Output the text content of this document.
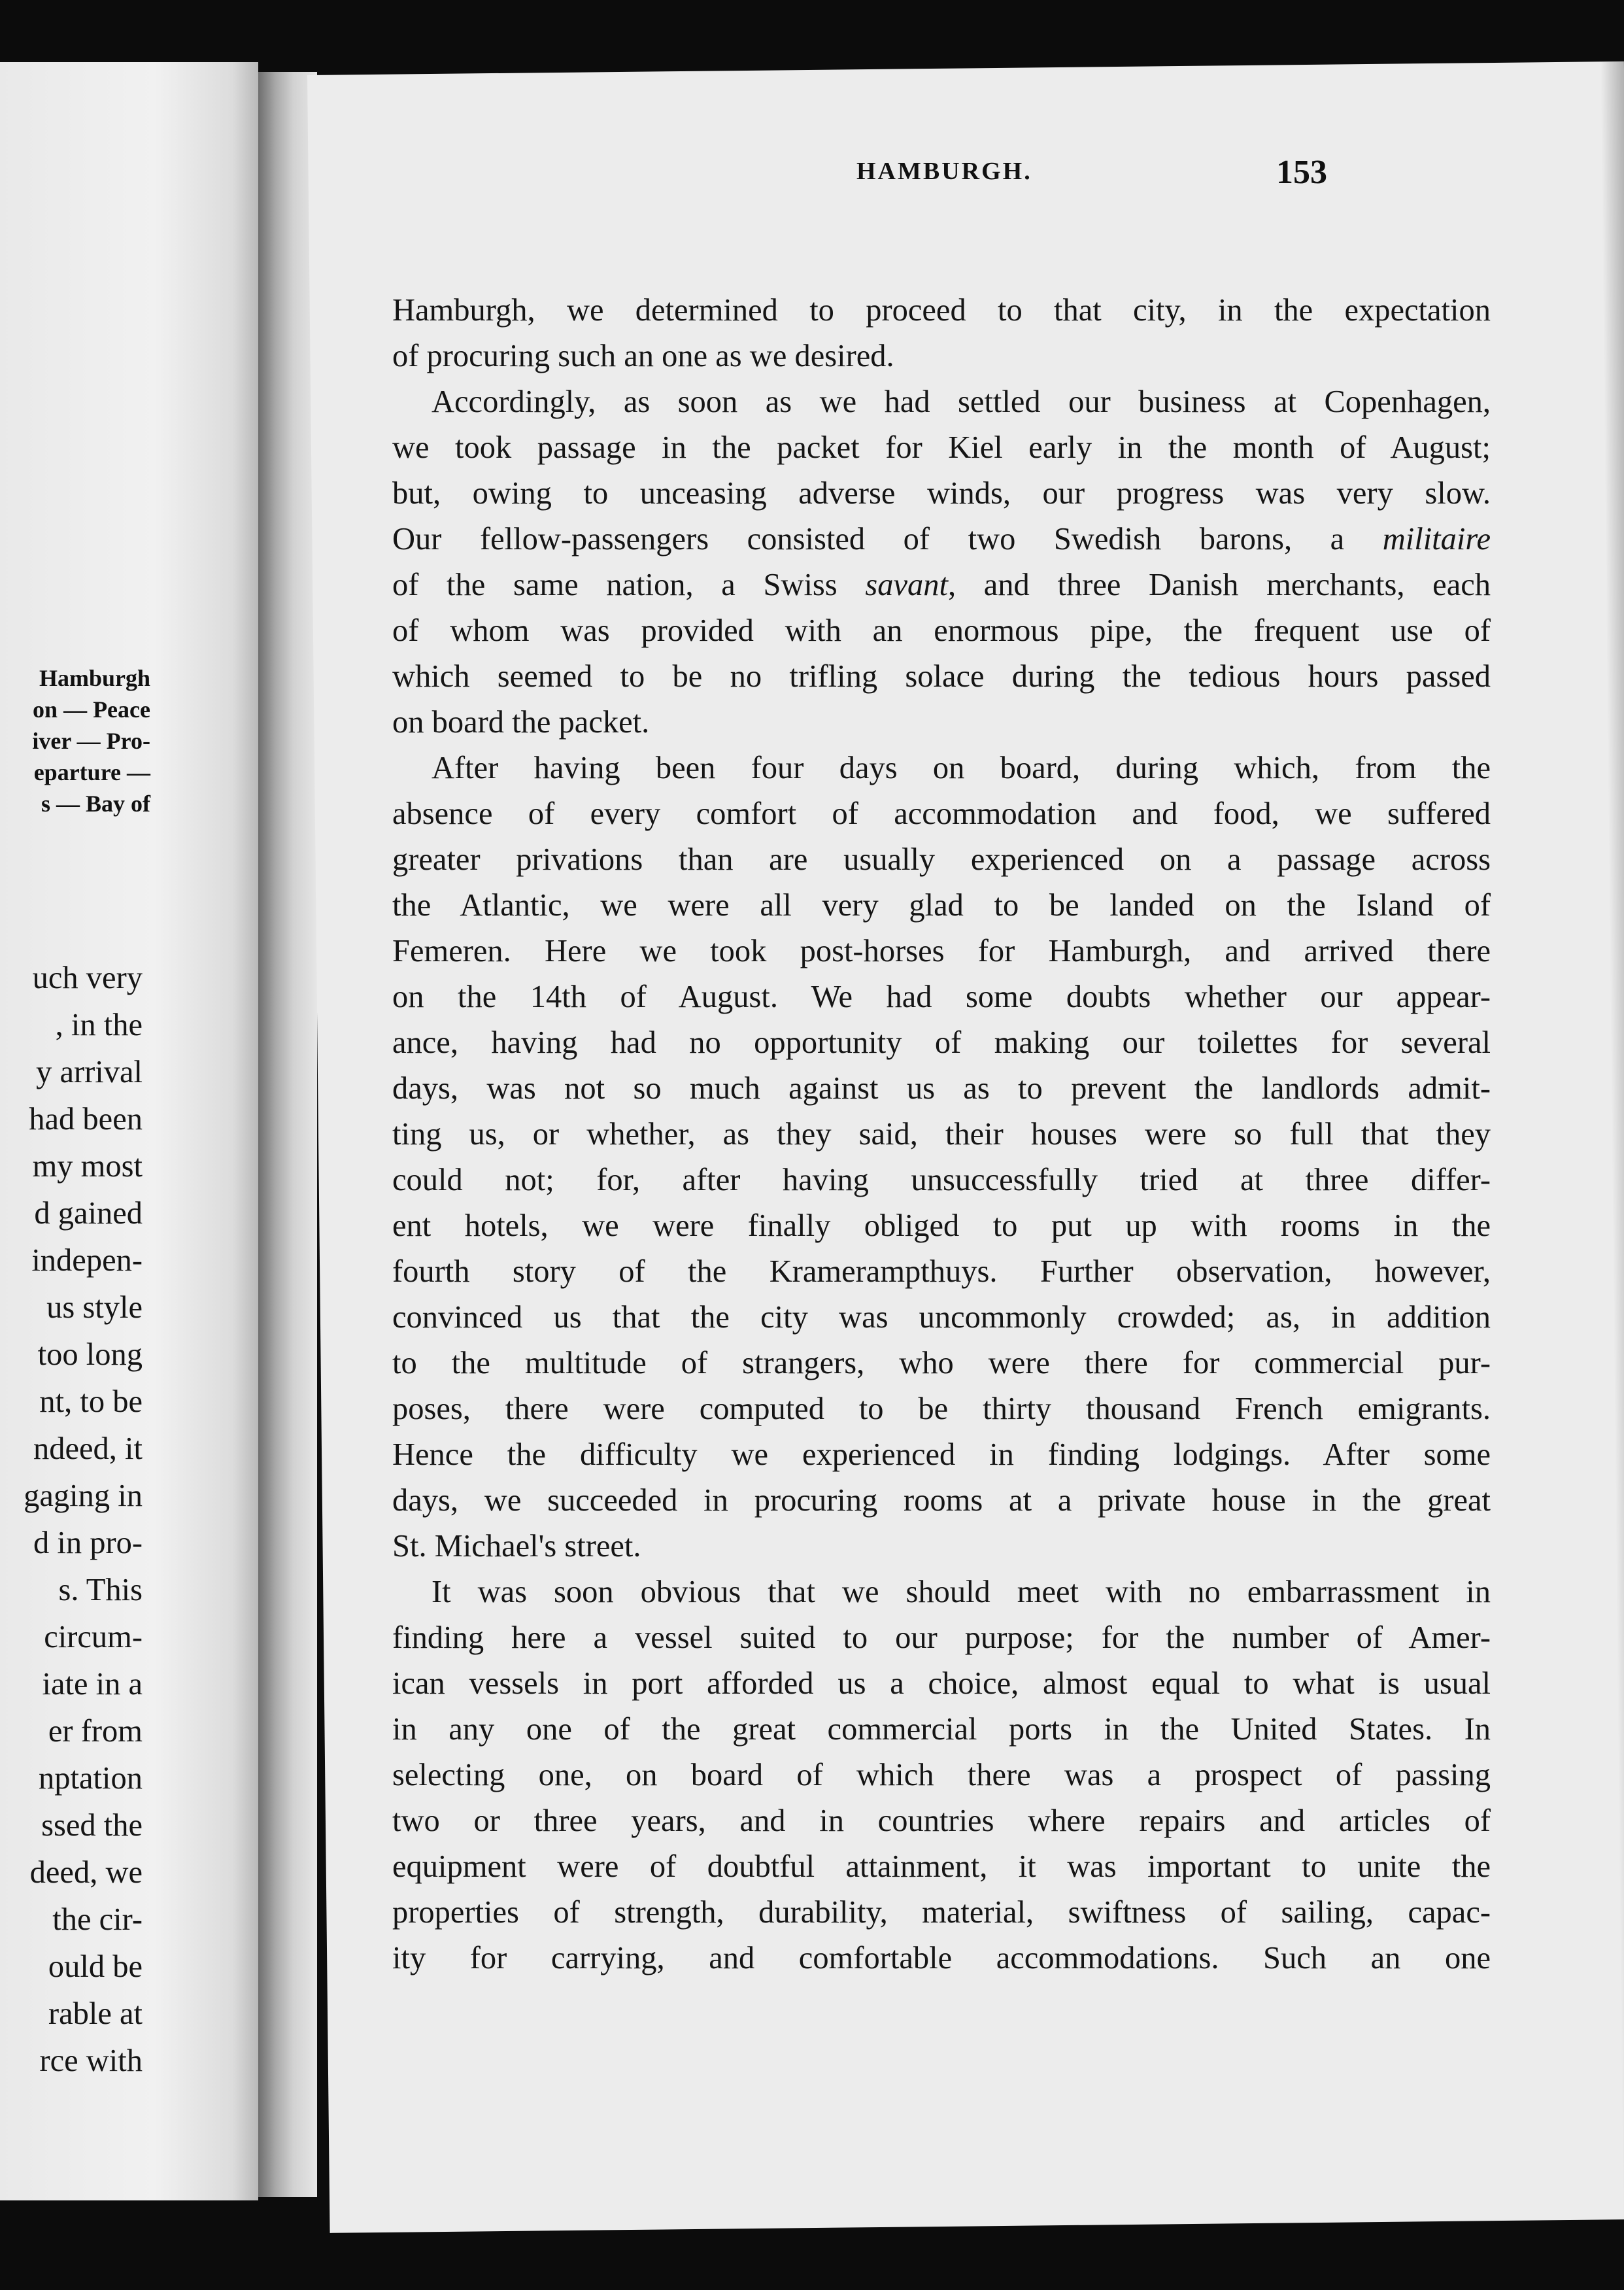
Hamburgh
on — Peace
iver — Pro-
eparture —
s — Bay of
uch very
, in the
y arrival
had been
my most
d gained
indepen-
us style
too long
nt, to be
ndeed, it
gaging in
d in pro-
s. This
circum-
iate in a
er from
nptation
ssed the
deed, we
the cir-
ould be
rable at
rce with
HAMBURGH.	153
Hamburgh, we determined to proceed to that city, in the expectation
of procuring such an one as we desired.
Accordingly, as soon as we had settled our business at Copenhagen,
we took passage in the packet for Kiel early in the month of August;
but, owing to unceasing adverse winds, our progress was very slow.
Our fellow-passengers consisted of two Swedish barons, a militaire
of the same nation, a Swiss savant, and three Danish merchants, each
of whom was provided with an enormous pipe, the frequent use of
which seemed to be no trifling solace during the tedious hours passed
on board the packet.
After having been four days on board, during which, from the
absence of every comfort of accommodation and food, we suffered
greater privations than are usually experienced on a passage across
the Atlantic, we were all very glad to be landed on the Island of
Femeren. Here we took post-horses for Hamburgh, and arrived there
on the 14th of August. We had some doubts whether our appear-
ance, having had no opportunity of making our toilettes for several
days, was not so much against us as to prevent the landlords admit-
ting us, or whether, as they said, their houses were so full that they
could not; for, after having unsuccessfully tried at three differ-
ent hotels, we were finally obliged to put up with rooms in the
fourth story of the Kramerampthuys. Further observation, however,
convinced us that the city was uncommonly crowded; as, in addition
to the multitude of strangers, who were there for commercial pur-
poses, there were computed to be thirty thousand French emigrants.
Hence the difficulty we experienced in finding lodgings. After some
days, we succeeded in procuring rooms at a private house in the great
St. Michael's street.
It was soon obvious that we should meet with no embarrassment in
finding here a vessel suited to our purpose; for the number of Amer-
ican vessels in port afforded us a choice, almost equal to what is usual
in any one of the great commercial ports in the United States. In
selecting one, on board of which there was a prospect of passing
two or three years, and in countries where repairs and articles of
equipment were of doubtful attainment, it was important to unite the
properties of strength, durability, material, swiftness of sailing, capac-
ity for carrying, and comfortable accommodations. Such an one
